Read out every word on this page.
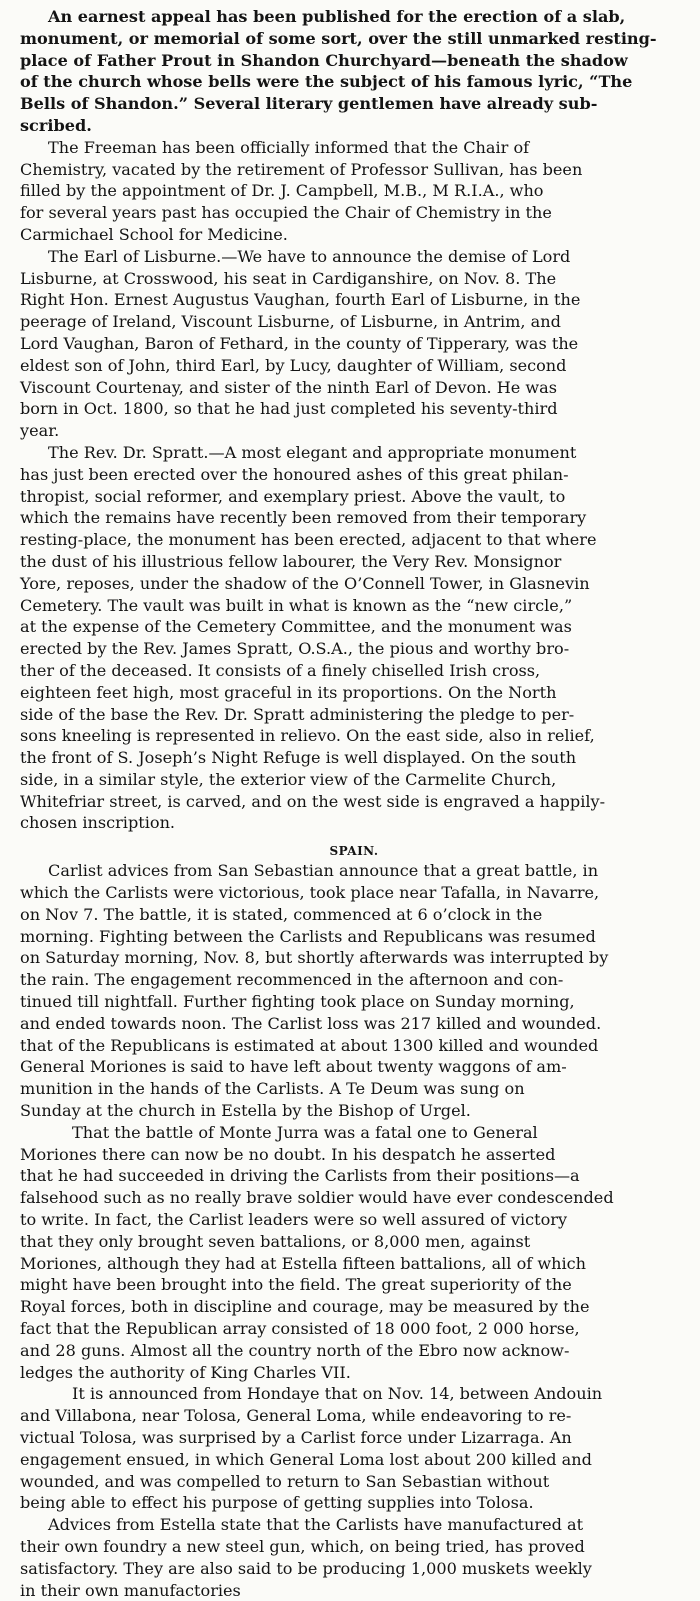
An earnest appeal has been published for the erection of a slab,
monument, or memorial of some sort, over the still unmarked resting-
place of Father Prout in Shandon Churchyard—beneath the shadow
of the church whose bells were the subject of his famous lyric, “The
Bells of Shandon.” Several literary gentlemen have already sub-
scribed.

The Freeman has been officially informed that the Chair of
Chemistry, vacated by the retirement of Professor Sullivan, has been
filled by the appointment of Dr. J. Campbell, M.B., M R.I.A., who
for several years past has occupied the Chair of Chemistry in the
Carmichael School for Medicine.

The Earl of Lisburne.—We have to announce the demise of Lord
Lisburne, at Crosswood, his seat in Cardiganshire, on Nov. 8. The
Right Hon. Ernest Augustus Vaughan, fourth Earl of Lisburne, in the
peerage of Ireland, Viscount Lisburne, of Lisburne, in Antrim, and
Lord Vaughan, Baron of Fethard, in the county of Tipperary, was the
eldest son of John, third Earl, by Lucy, daughter of William, second
Viscount Courtenay, and sister of the ninth Earl of Devon. He was
born in Oct. 1800, so that he had just completed his seventy-third
year.

The Rev. Dr. Spratt.—A most elegant and appropriate monument
has just been erected over the honoured ashes of this great philan-
thropist, social reformer, and exemplary priest. Above the vault, to
which the remains have recently been removed from their temporary
resting-place, the monument has been erected, adjacent to that where
the dust of his illustrious fellow labourer, the Very Rev. Monsignor
Yore, reposes, under the shadow of the O’Connell Tower, in Glasnevin
Cemetery. The vault was built in what is known as the “new circle,”
at the expense of the Cemetery Committee, and the monument was
erected by the Rev. James Spratt, O.S.A., the pious and worthy bro-
ther of the deceased. It consists of a finely chiselled Irish cross,
eighteen feet high, most graceful in its proportions. On the North
side of the base the Rev. Dr. Spratt administering the pledge to per-
sons kneeling is represented in relievo. On the east side, also in relief,
the front of S. Joseph’s Night Refuge is well displayed. On the south
side, in a similar style, the exterior view of the Carmelite Church,
Whitefriar street, is carved, and on the west side is engraved a happily-
chosen inscription.

SPAIN.

Carlist advices from San Sebastian announce that a great battle, in
which the Carlists were victorious, took place near Tafalla, in Navarre,
on Nov 7. The battle, it is stated, commenced at 6 o’clock in the
morning. Fighting between the Carlists and Republicans was resumed
on Saturday morning, Nov. 8, but shortly afterwards was interrupted by
the rain. The engagement recommenced in the afternoon and con-
tinued till nightfall. Further fighting took place on Sunday morning,
and ended towards noon. The Carlist loss was 217 killed and wounded.
that of the Republicans is estimated at about 1300 killed and wounded
General Moriones is said to have left about twenty waggons of am-
munition in the hands of the Carlists. A Te Deum was sung on
Sunday at the church in Estella by the Bishop of Urgel.

That the battle of Monte Jurra was a fatal one to General
Moriones there can now be no doubt. In his despatch he asserted
that he had succeeded in driving the Carlists from their positions—a
falsehood such as no really brave soldier would have ever condescended
to write. In fact, the Carlist leaders were so well assured of victory
that they only brought seven battalions, or 8,000 men, against
Moriones, although they had at Estella fifteen battalions, all of which
might have been brought into the field. The great superiority of the
Royal forces, both in discipline and courage, may be measured by the
fact that the Republican array consisted of 18 000 foot, 2 000 horse,
and 28 guns. Almost all the country north of the Ebro now acknow-
ledges the authority of King Charles VII.

It is announced from Hondaye that on Nov. 14, between Andouin
and Villabona, near Tolosa, General Loma, while endeavoring to re-
victual Tolosa, was surprised by a Carlist force under Lizarraga. An
engagement ensued, in which General Loma lost about 200 killed and
wounded, and was compelled to return to San Sebastian without
being able to effect his purpose of getting supplies into Tolosa.

Advices from Estella state that the Carlists have manufactured at
their own foundry a new steel gun, which, on being tried, has proved
satisfactory. They are also said to be producing 1,000 muskets weekly
in their own manufactories
